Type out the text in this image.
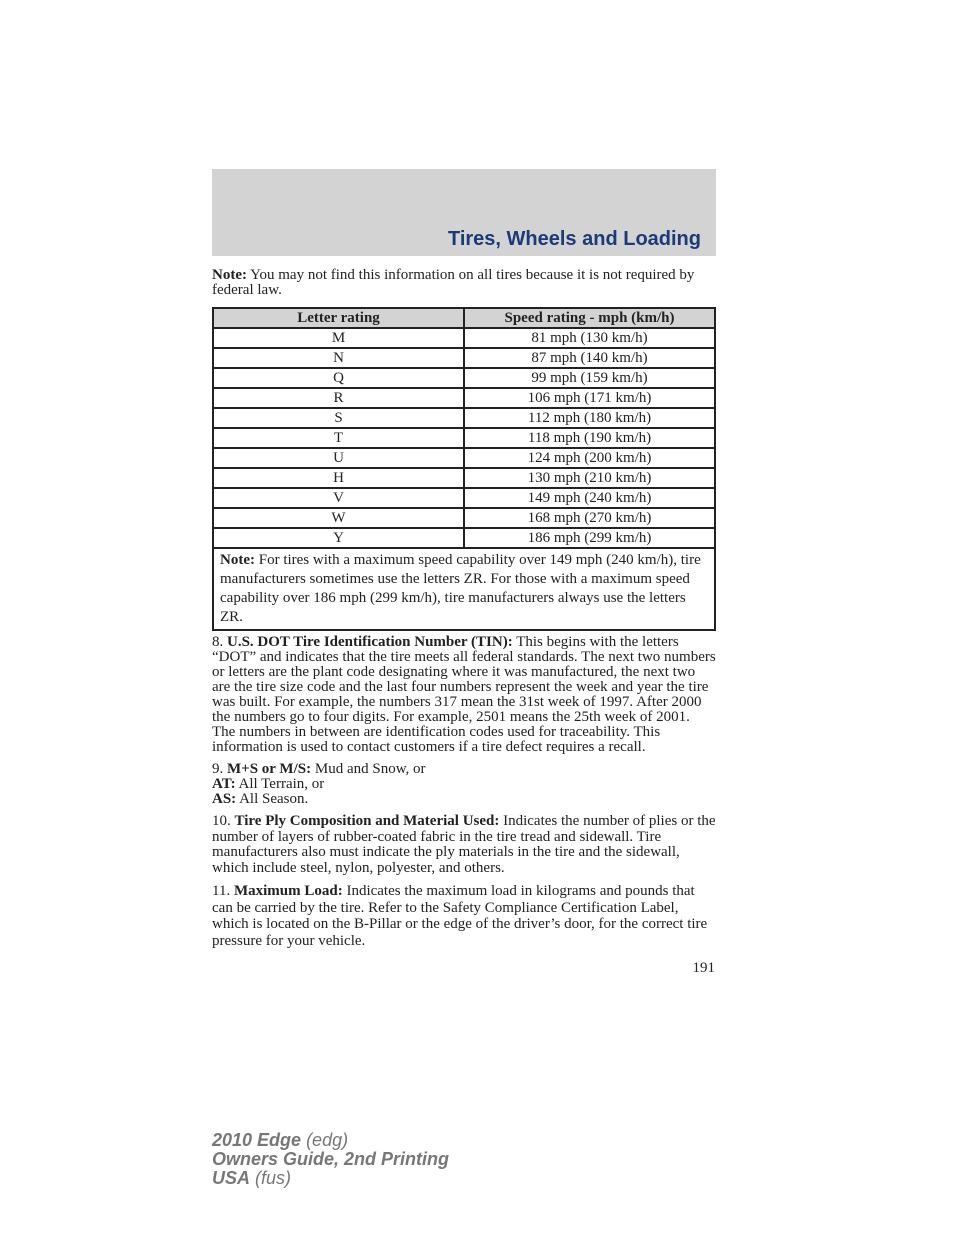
Tires, Wheels and Loading

Note: You may not find this information on all tires because it is not required by federal law.

Letter rating	Speed rating - mph (km/h)
M	81 mph (130 km/h)
N	87 mph (140 km/h)
Q	99 mph (159 km/h)
R	106 mph (171 km/h)
S	112 mph (180 km/h)
T	118 mph (190 km/h)
U	124 mph (200 km/h)
H	130 mph (210 km/h)
V	149 mph (240 km/h)
W	168 mph (270 km/h)
Y	186 mph (299 km/h)
Note: For tires with a maximum speed capability over 149 mph (240 km/h), tire manufacturers sometimes use the letters ZR. For those with a maximum speed capability over 186 mph (299 km/h), tire manufacturers always use the letters ZR.	

8. U.S. DOT Tire Identification Number (TIN): This begins with the letters “DOT” and indicates that the tire meets all federal standards. The next two numbers or letters are the plant code designating where it was manufactured, the next two are the tire size code and the last four numbers represent the week and year the tire was built. For example, the numbers 317 mean the 31st week of 1997. After 2000 the numbers go to four digits. For example, 2501 means the 25th week of 2001. The numbers in between are identification codes used for traceability. This information is used to contact customers if a tire defect requires a recall.

9. M+S or M/S: Mud and Snow, or
AT: All Terrain, or
AS: All Season.

10. Tire Ply Composition and Material Used: Indicates the number of plies or the number of layers of rubber-coated fabric in the tire tread and sidewall. Tire manufacturers also must indicate the ply materials in the tire and the sidewall, which include steel, nylon, polyester, and others.

11. Maximum Load: Indicates the maximum load in kilograms and pounds that can be carried by the tire. Refer to the Safety Compliance Certification Label, which is located on the B-Pillar or the edge of the driver’s door, for the correct tire pressure for your vehicle.

191
2010 Edge (edg)
Owners Guide, 2nd Printing
USA (fus)
